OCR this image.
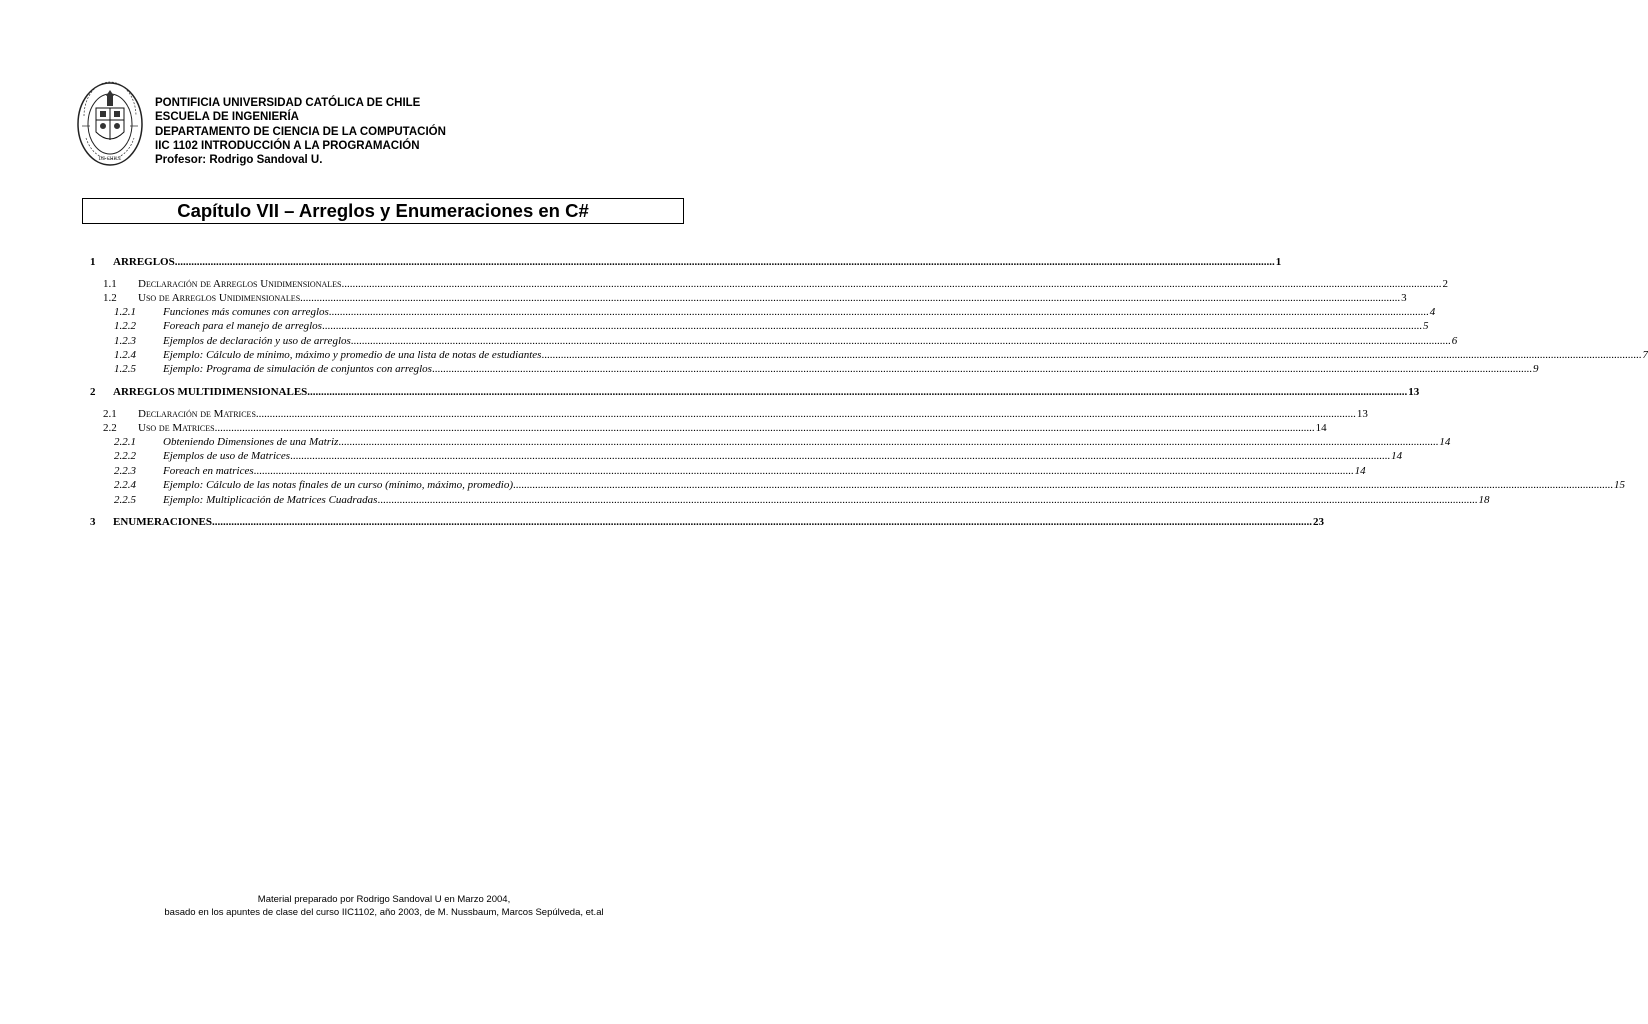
DE CHILE
PONTIFICIA UNIVERSIDAD CATÓLICA DE CHILE
ESCUELA DE INGENIERÍA
DEPARTAMENTO DE CIENCIA DE LA COMPUTACIÓN
IIC 1102 INTRODUCCIÓN A LA PROGRAMACIÓN
Profesor: Rodrigo Sandoval U.
Capítulo VII – Arreglos y Enumeraciones en C#
1 ARREGLOS ................................................................................................................................................................................................................................................................................................................................................................................................................ 1
1.1 Declaración de Arreglos Unidimensionales ................................................................................................................................................................................................................................................................................................................................................................................................................ 2
1.2 Uso de Arreglos Unidimensionales ................................................................................................................................................................................................................................................................................................................................................................................................................ 3
1.2.1 Funciones más comunes con arreglos ................................................................................................................................................................................................................................................................................................................................................................................................................ 4
1.2.2 Foreach para el manejo de arreglos ................................................................................................................................................................................................................................................................................................................................................................................................................ 5
1.2.3 Ejemplos de declaración y uso de arreglos ................................................................................................................................................................................................................................................................................................................................................................................................................ 6
1.2.4 Ejemplo: Cálculo de mínimo, máximo y promedio de una lista de notas de estudiantes ................................................................................................................................................................................................................................................................................................................................................................................................................ 7
1.2.5 Ejemplo: Programa de simulación de conjuntos con arreglos ................................................................................................................................................................................................................................................................................................................................................................................................................ 9
2 ARREGLOS MULTIDIMENSIONALES ................................................................................................................................................................................................................................................................................................................................................................................................................ 13
2.1 Declaración de Matrices ................................................................................................................................................................................................................................................................................................................................................................................................................ 13
2.2 Uso de Matrices ................................................................................................................................................................................................................................................................................................................................................................................................................ 14
2.2.1 Obteniendo Dimensiones de una Matriz ................................................................................................................................................................................................................................................................................................................................................................................................................ 14
2.2.2 Ejemplos de uso de Matrices ................................................................................................................................................................................................................................................................................................................................................................................................................ 14
2.2.3 Foreach en matrices ................................................................................................................................................................................................................................................................................................................................................................................................................ 14
2.2.4 Ejemplo: Cálculo de las notas finales de un curso (mínimo, máximo, promedio) ................................................................................................................................................................................................................................................................................................................................................................................................................ 15
2.2.5 Ejemplo: Multiplicación de Matrices Cuadradas ................................................................................................................................................................................................................................................................................................................................................................................................................ 18
3 ENUMERACIONES ................................................................................................................................................................................................................................................................................................................................................................................................................ 23
Material preparado por Rodrigo Sandoval U en Marzo 2004,
basado en los apuntes de clase del curso IIC1102, año 2003, de M. Nussbaum, Marcos Sepúlveda, et.al
